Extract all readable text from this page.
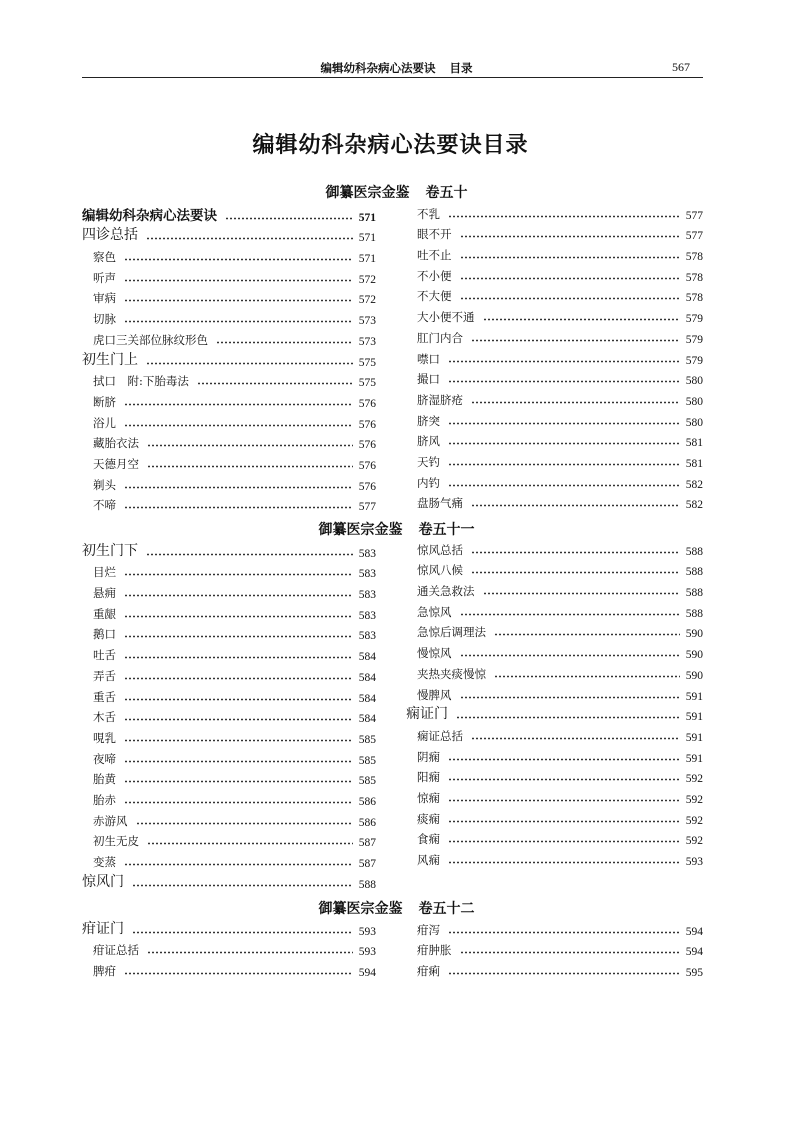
编辑幼科杂病心法要诀 目录	567
编辑幼科杂病心法要诀目录
御纂医宗金鉴 卷五十
编辑幼科杂病心法要诀	571
四诊总括	571
察色	571
听声	572
审病	572
切脉	573
虎口三关部位脉纹形色	573
初生门上	575
拭口　附:下胎毒法	575
断脐	576
浴儿	576
藏胎衣法	576
天德月空	576
剃头	576
不啼	577
不乳	577
眼不开	577
吐不止	578
不小便	578
不大便	578
大小便不通	579
肛门内合	579
噤口	579
撮口	580
脐湿脐疮	580
脐突	580
脐风	581
天钓	581
内钓	582
盘肠气痛	582
御纂医宗金鉴 卷五十一
初生门下	583
目烂	583
悬痈	583
重龈	583
鹅口	583
吐舌	584
弄舌	584
重舌	584
木舌	584
哯乳	585
夜啼	585
胎黄	585
胎赤	586
赤游风	586
初生无皮	587
变蒸	587
惊风门	588
惊风总括	588
惊风八候	588
通关急救法	588
急惊风	588
急惊后调理法	590
慢惊风	590
夹热夹痰慢惊	590
慢脾风	591
痫证门	591
痫证总括	591
阴痫	591
阳痫	592
惊痫	592
痰痫	592
食痫	592
风痫	593
御纂医宗金鉴 卷五十二
疳证门	593
疳证总括	593
脾疳	594
疳泻	594
疳肿胀	594
疳痢	595
